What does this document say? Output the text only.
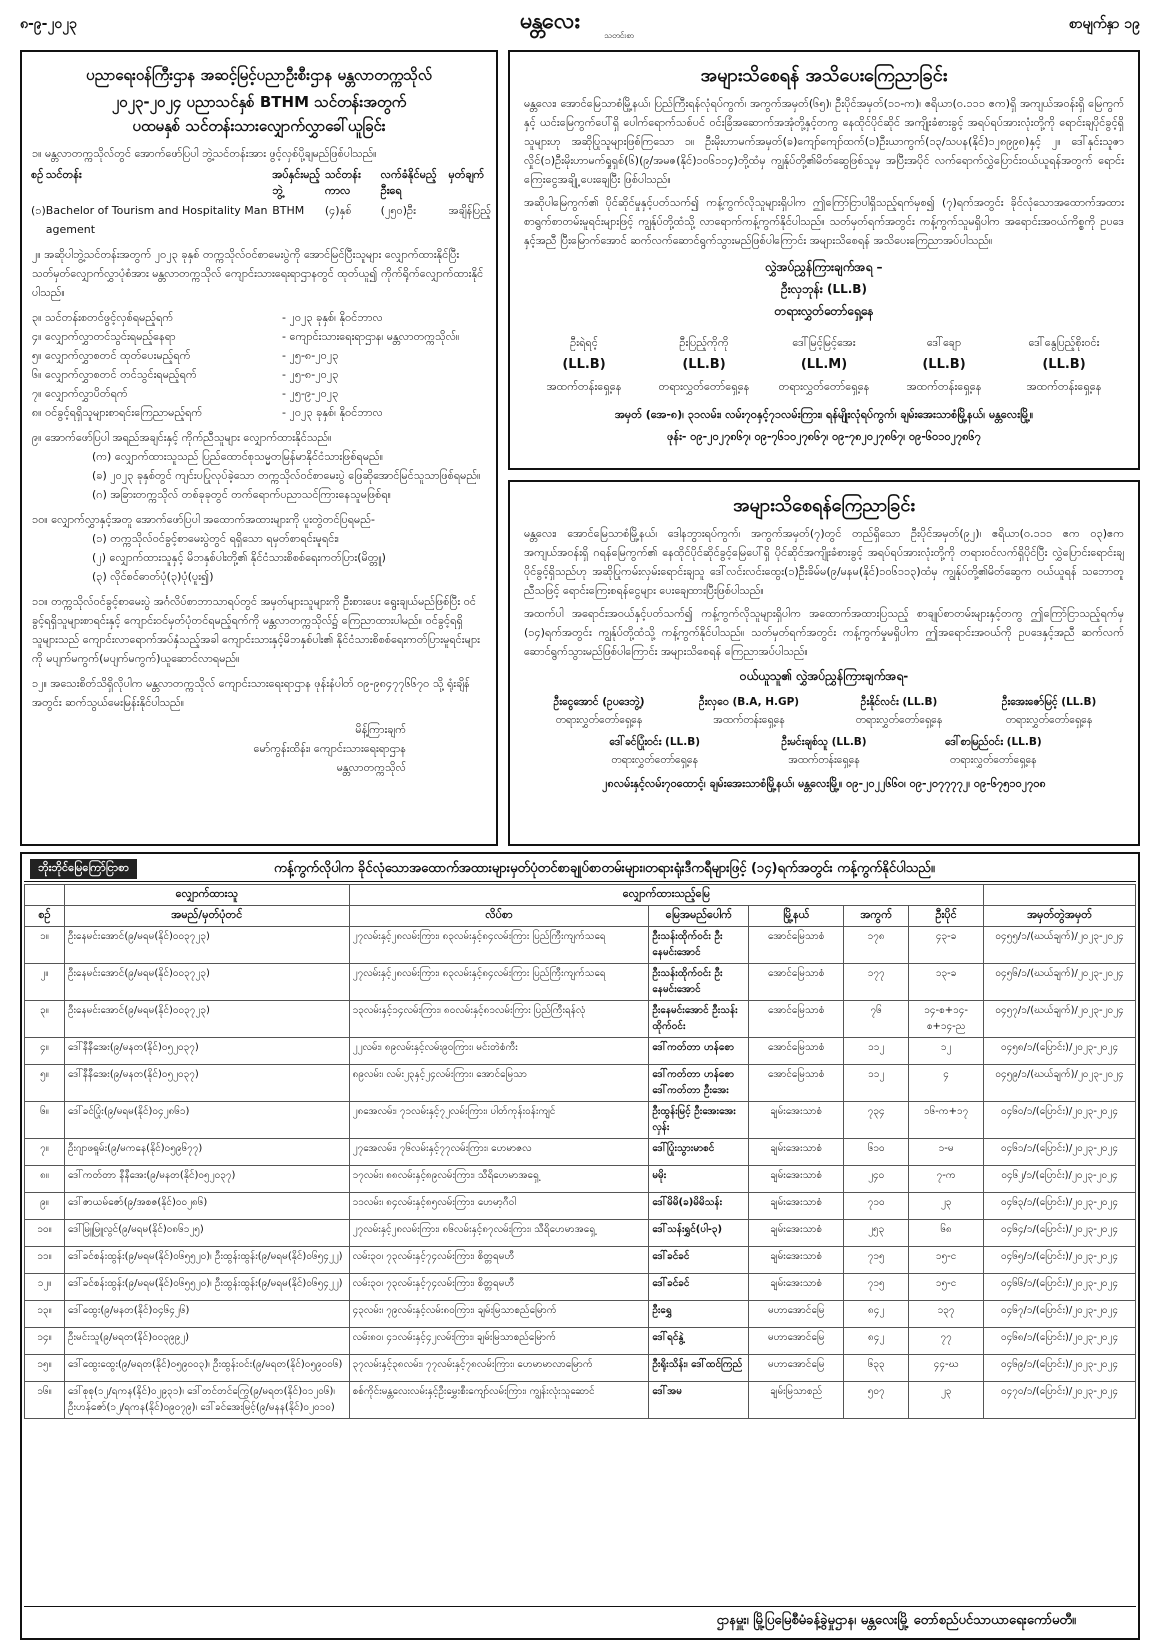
၈-၉-၂၀၂၃	မန္တလေး
သတင်းစာ
စာမျက်နှာ ၁၉
ပညာရေးဝန်ကြီးဌာန အဆင့်မြင့်ပညာဦးစီးဌာန မန္တလာတက္ကသိုလ်
၂၀၂၃-၂၀၂၄ ပညာသင်နှစ် BTHM သင်တန်းအတွက်
ပထမနှစ် သင်တန်းသားလျှောက်လွှာခေါ်ယူခြင်း
၁။ မန္တလာတက္ကသိုလ်တွင် အောက်ဖော်ပြပါ ဘွဲ့သင်တန်းအား ဖွင့်လှစ်ပို့ချမည်ဖြစ်ပါသည်။
စဉ်	သင်တန်း	အပ်နှင်းမည့်ဘွဲ့	သင်တန်းကာလ	လက်ခံနိုင်မည့်ဦးရေ	မှတ်ချက်
(၁)	Bachelor of Tourism and Hospitality Man agement	BTHM	(၄)နှစ်	(၂၅၀)ဦး	အချိန်ပြည့်
၂။ အဆိုပါဘွဲ့သင်တန်းအတွက် ၂၀၂၃ ခုနှစ် တက္ကသိုလ်ဝင်စာမေးပွဲကို အောင်မြင်ပြီးသူများ လျှောက်ထားနိုင်ပြီး သတ်မှတ်လျှောက်လွှာပုံစံအား မန္တလာတက္ကသိုလ် ကျောင်းသားရေးရာဌာနတွင် ထုတ်ယူ၍ ကိုက်ရိုက်လျှောက်ထားနိုင်ပါသည်။
၃။ သင်တန်းစတင်ဖွင့်လှစ်ရမည့်ရက်	- ၂၀၂၃ ခုနှစ်၊ နိုဝင်ဘာလ
၄။ လျှောက်လွှာတင်သွင်းရမည့်နေရာ	- ကျောင်းသားရေးရာဌာန၊ မန္တလာတက္ကသိုလ်။
၅။ လျှောက်လွှာစတင် ထုတ်ပေးမည့်ရက်	- ၂၅-၈-၂၀၂၃
၆။ လျှောက်လွှာစတင် တင်သွင်းရမည့်ရက်	- ၂၅-၈-၂၀၂၃
၇။ လျှောက်လွှာပိတ်ရက်	- ၂၅-၉-၂၀၂၃
၈။ ဝင်ခွင့်ရရှိသူများစာရင်းကြေညာမည့်ရက်	- ၂၀၂၃ ခုနှစ်၊ နိုဝင်ဘာလ
၉။ အောက်ဖော်ပြပါ အရည်အချင်းနှင့် ကိုက်ညီသူများ လျှောက်ထားနိုင်သည်။
(က) လျှောက်ထားသူသည် ပြည်ထောင်စုသမ္မတမြန်မာနိုင်ငံသားဖြစ်ရမည်။
(ခ) ၂၀၂၃ ခုနှစ်တွင် ကျင်းပပြုလုပ်ခဲ့သော တက္ကသိုလ်ဝင်စာမေးပွဲ ဖြေဆိုအောင်မြင်သူသာဖြစ်ရမည်။
(ဂ) အခြားတက္ကသိုလ် တစ်ခုခုတွင် တက်ရောက်ပညာသင်ကြားနေသူမဖြစ်ရ။
၁၀။ လျှောက်လွှာနှင့်အတူ အောက်ဖော်ပြပါ အထောက်အထားများကို ပူးတွဲတင်ပြရမည်-
(၁) တက္ကသိုလ်ဝင်ခွင့်စာမေးပွဲတွင် ရရှိသော ရမှတ်စာရင်းမူရင်း၊
(၂) လျှောက်ထားသူနှင့် မိဘနှစ်ပါးတို့၏ နိုင်ငံသားစိစစ်ရေးကတ်ပြား(မိတ္တူ)
(၃) လိုင်စင်ဓာတ်ပုံ(၃)ပုံ(ပူး၍)
၁၁။ တက္ကသိုလ်ဝင်ခွင့်စာမေးပွဲ အင်္ဂလိပ်စာဘာသာရပ်တွင် အမှတ်များသူများကို ဦးစားပေး ရွေးချယ်မည်ဖြစ်ပြီး ဝင်ခွင့်ရရှိသူများစာရင်းနှင့် ကျောင်းဝင်မှတ်ပုံတင်ရမည့်ရက်ကို မန္တလာတက္ကသိုလ်၌ ကြေညာထားပါမည်။ ဝင်ခွင့်ရရှိသူများသည် ကျောင်းလာရောက်အပ်နှံသည့်အခါ ကျောင်းသားနှင့်မိဘနှစ်ပါး၏ နိုင်ငံသားစိစစ်ရေးကတ်ပြားမူရင်းများကို မပျက်မကွက်(မပျက်မကွက်)ယူဆောင်လာရမည်။
၁၂။ အသေးစိတ်သိရှိလိုပါက မန္တလာတက္ကသိုလ် ကျောင်းသားရေးရာဌာန ဖုန်းနံပါတ် ၀၉-၉၈၄၇၇၆၆၇၀ သို့ ရုံးချိန်အတွင်း ဆက်သွယ်မေးမြန်းနိုင်ပါသည်။
မိန့်ကြားချက်
မော်ကွန်းထိန်း၊ ကျောင်းသားရေးရာဌာန
မန္တလာတက္ကသိုလ်
အများသိစေရန် အသိပေးကြေညာခြင်း
မန္တလေး၊ အောင်မြေသာစံမြို့နယ်၊ ပြည်ကြီးရန်လုံရပ်ကွက်၊ အကွက်အမှတ်(၆၅)၊ ဦးပိုင်အမှတ်(၁၁-က)၊ ဧရိယာ(၀.၁၁၁ ဧက)ရှိ အကျယ်အဝန်းရှိ မြေကွက်နှင့် ယင်းမြေကွက်ပေါ်ရှိ ပေါက်ရောက်သစ်ပင် ဝင်းခြံအဆောက်အအုံတို့နှင့်တကွ နေထိုင်ပိုင်ဆိုင် အကျိုးခံစားခွင့် အရပ်ရပ်အားလုံးတို့ကို ရောင်းချပိုင်ခွင့်ရှိသူများဟု အဆိုပြုသူများဖြစ်ကြသော ၁။ ဦးမိုးဟာမက်အမှတ်(ခ)ကျော်ကျော်ထက်(၁)ဦးယာကွက်(၁၃/သပန(နိုင်)၁၂၈၉၉၈)နှင့် ၂။ ဒေါ်နှင်းသူဇာလှိုင်(၁)ဦးမိုးဟာမက်ရှုရှစ်(၆)(၉/အမဇ(နိုင်)၁၀၆၁၁၄)တို့ထံမှ ကျွန်ုပ်တို့၏မိတ်ဆွေဖြစ်သူမှ အပြီးအပိုင် လက်ရောက်လွှဲပြောင်းဝယ်ယူရန်အတွက် ရောင်းကြေးငွေအချို့ ပေးချေပြီး ဖြစ်ပါသည်။
အဆိုပါမြေကွက်၏ ပိုင်ဆိုင်မှုနှင့်ပတ်သက်၍ ကန့်ကွက်လိုသူများရှိပါက ဤကြော်ငြာပါရှိသည့်ရက်မှစ၍ (၇)ရက်အတွင်း ခိုင်လုံသောအထောက်အထားစာရွက်စာတမ်းမူရင်းများဖြင့် ကျွန်ုပ်တို့ထံသို့ လာရောက်ကန့်ကွက်နိုင်ပါသည်။ သတ်မှတ်ရက်အတွင်း ကန့်ကွက်သူမရှိပါက အရောင်းအဝယ်ကိစ္စကို ဥပဒေနှင့်အညီ ပြီးမြောက်အောင် ဆက်လက်ဆောင်ရွက်သွားမည်ဖြစ်ပါကြောင်း အများသိစေရန် အသိပေးကြေညာအပ်ပါသည်။
လွှဲအပ်ညွှန်ကြားချက်အရ –
ဦးလှဘုန်း (LL.B)
တရားလွှတ်တော်ရှေ့နေ
ဦးရဲရင့်
(LL.B)
အထက်တန်းရှေ့နေ
ဦးပြည့်ကိုကို
(LL.B)
တရားလွှတ်တော်ရှေ့နေ
ဒေါ်မြင့်မြင့်အေး
(LL.M)
တရားလွှတ်တော်ရှေ့နေ
ဒေါ်ချော
(LL.B)
အထက်တန်းရှေ့နေ
ဒေါ်နွေပြည့်စိုးဝင်း
(LL.B)
အထက်တန်းရှေ့နေ
အမှတ် (အေ-၈)၊ ၃၁လမ်း၊ လမ်း၇၀နှင့်၇၁လမ်းကြား၊ ရန်မျိုးလုံရပ်ကွက်၊ ချမ်းအေးသာစံမြို့နယ်၊ မန္တလေးမြို့။
ဖုန်း- ၀၉-၂၀၂၇၈၆၇၊ ၀၉-၇၆၁၀၂၇၈၆၇၊ ၀၉-၇၈၂၀၂၇၈၆၇၊ ၀၉-၆၀၁၀၂၇၈၆၇
အများသိစေရန်ကြေညာခြင်း
မန္တလေး၊ အောင်မြေသာစံမြို့နယ်၊ ဒေါနဘွားရပ်ကွက်၊ အကွက်အမှတ်(၇)တွင် တည်ရှိသော ဦးပိုင်အမှတ်(၉၂)၊ ဧရိယာ(၀.၁၁၁ ဧက ၀၃)ဧက အကျယ်အဝန်းရှိ ဂရန်မြေကွက်၏ နေထိုင်ပိုင်ဆိုင်ခွင့်မြေပေါ်ရှိ ပိုင်ဆိုင်အကျိုးခံစားခွင့် အရပ်ရပ်အားလုံးတို့ကို တရားဝင်လက်ရှိပိုင်ပြီး လွှဲပြောင်းရောင်းချပိုင်ခွင့်ရှိသည်ဟု အဆိုပြုကမ်းလှမ်းရောင်းချသူ ဒေါ်လင်းလင်းထွေး(၁)ဦးခိမ်မ(၉/မနမ(နိုင်)၁၀၆၁၁၃)ထံမှ ကျွန်ုပ်တို့၏မိတ်ဆွေက ဝယ်ယူရန် သဘောတူညီသဖြင့် ရောင်းကြေးစရန်ငွေများ ပေးချေထားပြီးဖြစ်ပါသည်။
အထက်ပါ အရောင်းအဝယ်နှင့်ပတ်သက်၍ ကန့်ကွက်လိုသူများရှိပါက အထောက်အထားပြသည့် စာချုပ်စာတမ်းများနှင့်တကွ ဤကြော်ငြာသည့်ရက်မှ (၁၄)ရက်အတွင်း ကျွန်ုပ်တို့ထံသို့ ကန့်ကွက်နိုင်ပါသည်။ သတ်မှတ်ရက်အတွင်း ကန့်ကွက်မှုမရှိပါက ဤအရောင်းအဝယ်ကို ဥပဒေနှင့်အညီ ဆက်လက်ဆောင်ရွက်သွားမည်ဖြစ်ပါကြောင်း အများသိစေရန် ကြေညာအပ်ပါသည်။
ဝယ်ယူသူ၏ လွှဲအပ်ညွှန်ကြားချက်အရ-
ဦးငွေအောင် (ဥပဒေဘွဲ့)
တရားလွှတ်တော်ရှေ့နေ
ဦးလှဝေ (B.A, H.GP)
အထက်တန်းရှေ့နေ
ဦးနိုင်လင်း (LL.B)
တရားလွှတ်တော်ရှေ့နေ
ဦးအေးဇော်မြင့် (LL.B)
တရားလွှတ်တော်ရှေ့နေ
ဒေါ်ခင်ပြုံးဝင်း (LL.B)
တရားလွှတ်တော်ရှေ့နေ
ဦးမင်းချစ်သူ (LL.B)
အထက်တန်းရှေ့နေ
ဒေါ်စာမြည်ဝင်း (LL.B)
တရားလွှတ်တော်ရှေ့နေ
၂၈လမ်းနှင့်လမ်း၇၀ထောင့်၊ ချမ်းအေးသာစံမြို့နယ်၊ မန္တလေးမြို့။ ၀၉-၂၀၂၂၆၆၀၊ ၀၉-၂၀၇၇၇၇၂၊ ၀၉-၆၇၅၁၀၂၇၀၈
ဘိုးဘိုင်မြေကြော်ငြာစာ	ကန့်ကွက်လိုပါက ခိုင်လုံသောအထောက်အထားများမှတ်ပုံတင်စာချုပ်စာတမ်းများ၊တရားရုံးဒီကရီများဖြင့် (၁၄)ရက်အတွင်း ကန့်ကွက်နိုင်ပါသည်။
	လျှောက်ထားသူ	လျှောက်ထားသည့်မြေ					
စဉ်	အမည်/မှတ်ပုံတင်	လိပ်စာ	မြေအမည်ပေါက်	မြို့နယ်	အကွက်	ဦးပိုင်	အမှတ်တွဲအမှတ်
၁။	ဦးနေမင်းအောင်(၉/မရမ(နိုင်)၀၀၃၇၂၃)	၂၇လမ်းနှင့်၂၈လမ်းကြား၊ ၈၃လမ်းနှင့်၈၄လမ်းကြား ပြည်ကြီးကျက်သရေ	ဦးသန်းထိုက်ဝင်း ဦးနေမင်းအောင်	အောင်မြေသာစံ	၁၇၈	၄၃-ခ	၀၄၅၅/၁/(ဃယ်ချက်)/၂၀၂၃-၂၀၂၄
၂။	ဦးနေမင်းအောင်(၉/မရမ(နိုင်)၀၀၃၇၂၃)	၂၇လမ်းနှင့်၂၈လမ်းကြား၊ ၈၃လမ်းနှင့်၈၄လမ်းကြား ပြည်ကြီးကျက်သရေ	ဦးသန်းထိုက်ဝင်း ဦးနေမင်းအောင်	အောင်မြေသာစံ	၁၇၇	၁၃-ခ	၀၄၅၆/၁/(ဃယ်ချက်)/၂၀၂၃-၂၀၂၄
၃။	ဦးနေမင်းအောင်(၉/မရမ(နိုင်)၀၀၃၇၂၃)	၁၃လမ်းနှင့်၁၄လမ်းကြား၊ ၈၀လမ်းနှင့်၈၁လမ်းကြား ပြည်ကြီးရန်လုံ	ဦးနေမင်းအောင် ဦးသန်းထိုက်ဝင်း	အောင်မြေသာစံ	၇၆	၁၄-စ+၁၄-စ+၁၄-ည	၀၄၅၇/၁/(ဃယ်ချက်)/၂၀၂၃-၂၀၂၄
၄။	ဒေါ်နီနီအေး(၉/မနတ(နိုင်)၀၅၂၀၃၇)	၂၂လမ်း၊ ၈၉လမ်းနှင့်လမ်း၉၀ကြား၊ မင်းတဲစံကီး	ဒေါ်ကတ်တာ ဟန်စော	အောင်မြေသာစံ	၁၁၂	၁၂	၀၄၅၈/၁/(ပြောင်း)/၂၀၂၃-၂၀၂၄
၅။	ဒေါ်နီနီအေး(၉/မနတ(နိုင်)၀၅၂၀၃၇)	၈၉လမ်း၊ လမ်း၂၃နှင့်၂၄လမ်းကြား၊ အောင်မြေသာ	ဒေါ်ကတ်တာ ဟန်စော ဒေါ်ကတ်တာ ဦးအေး	အောင်မြေသာစံ	၁၁၂	၄	၀၄၅၉/၁/(ဃယ်ချက်)/၂၀၂၃-၂၀၂၄
၆။	ဒေါ်ခင်ပြုံး(၉/မရမ(နိုင်)၀၄၂၈၆၁)	၂၈အေလမ်း၊ ၇၁လမ်းနှင့်၇၂လမ်းကြား၊ ပါတ်ကုန်းဝန်းကျင်	ဦးထွန်းမြင့် ဦးအေးအေးလှန်း	ချမ်းအေးသာစံ	၇၃၄	၁၆-က+၁၇	၀၄၆၀/၁/(ပြောင်း)/၂၀၂၃-၂၀၂၄
၇။	ဦးဂျာဖရူမ်း(၉/မကနေ(နိုင်)၀၅၉၆၇၇)	၂၇အေလမ်း၊ ၇၆လမ်းနှင့်၇၇လမ်းကြား၊ ဟေမာဇလ	ဒေါ်ပြုံးသွားမာစင်	ချမ်းအေးသာစံ	၆၁၀	၁-မ	၀၄၆၁/၁/(ပြောင်း)/၂၀၂၃-၂၀၂၄
၈။	ဒေါ်ကတ်တာ နီနီအေး(၉/မနတ(နိုင်)၀၅၂၀၃၇)	၁၇လမ်း၊ ၈၈လမ်းနှင့်၈၉လမ်းကြား၊ သီရိဟေမာအရှေ့	မမိုး	ချမ်းအေးသာစံ	၂၄၀	၇-က	၀၄၆၂/၁/(ပြောင်း)/၂၀၂၃-၂၀၂၄
၉။	ဒေါ်ဇာယမ်ဇော်(၉/အစဇ(နိုင်)၀၀၂၈၆)	၁၁လမ်း၊ ၈၄လမ်းနှင့်၈၅လမ်းကြား၊ ဟေမာ့ဂီဝါ	ဒေါ်မိမိ(ခ)မိမိသန်း	ချမ်းအေးသာစံ	၇၁၀	၂၃	၀၄၆၃/၁/(ပြောင်း)/၂၀၂၃-၂၀၂၄
၁၀။	ဒေါ်မြူမြူလွင်(၉/မရမ(နိုင်)၀၈၆၁၂၅)	၂၇လမ်းနှင့်၂၈လမ်းကြား၊ ၈၆လမ်းနှင့်၈၇လမ်းကြား၊ သီရိဟေမာအရှေ့	ဒေါ်သန်းရွှင်(ပါ-၃)	ချမ်းအေးသာစံ	၂၅၃	၆၈	၀၄၆၄/၁/(ပြောင်း)/၂၀၂၃-၂၀၂၄
၁၁။	ဒေါ်ခင်စန်းထွန်း(၉/မရမ(နိုင်)၀၆၅၅၂၀)၊ ဦးထွန်းထွန်း(၉/မရမ(နိုင်)၀၆၅၄၂၂)	လမ်း၃၀၊ ၇၃လမ်းနှင့်၇၄လမ်းကြား၊ စိတ္တရမဟီ	ဒေါ်ခင်ခင်	ချမ်းအေးသာစံ	၇၁၅	၁၅-င	၀၄၆၅/၁/(ပြောင်း)/၂၀၂၃-၂၀၂၄
၁၂။	ဒေါ်ခင်စန်းထွန်း(၉/မရမ(နိုင်)၀၆၅၅၂၀)၊ ဦးထွန်းထွန်း(၉/မရမ(နိုင်)၀၆၅၄၂၂)	လမ်း၃၀၊ ၇၃လမ်းနှင့်၇၄လမ်းကြား၊ စိတ္တရမဟီ	ဒေါ်ခင်ခင်	ချမ်းအေးသာစံ	၇၁၅	၁၅-င	၀၄၆၆/၁/(ပြောင်း)/၂၀၂၃-၂၀၂၄
၁၃။	ဒေါ်ထွေး(၉/မနတ(နိုင်)၀၄၆၄၂၆)	၄၃လမ်း၊ ၇၉လမ်းနှင့်လမ်း၈၀ကြား၊ ချမ်းမြသာစည်မြောက်	ဦးရွှေ	မဟာအောင်မြေ	၈၄၂	၁၃၇	၀၄၆၇/၁/(ပြောင်း)/၂၀၂၃-၂၀၂၄
၁၄။	ဦးမင်းသူ(၉/မရတ(နိုင်)၀၀၃၉၉၂)	လမ်း၈၀၊ ၄၁လမ်းနှင့်၄၂လမ်းကြား၊ ချမ်းမြသာစည်မြောက်	ဒေါ်ရင်နွဲ့	မဟာအောင်မြေ	၈၄၂	၇၇	၀၄၆၈/၁/(ပြောင်း)/၂၀၂၃-၂၀၂၄
၁၅။	ဒေါ်ထွေးထွေး(၉/မရတ(နိုင်)၀၅၉၀၀၃)၊ ဦးထွန်းဝင်း(၉/မရတ(နိုင်)၀၅၉၀၀၆)	၃၇လမ်းနှင့်၃၈လမ်း၊ ၇၇လမ်းနှင့်၇၈လမ်းကြား၊ ဟေမာမာလာမြောက်	ဦးရိုးသိန်း၊ ဒေါ်ထင်ကြည်	မဟာအောင်မြေ	၆၃၃	၄၄-ဃ	၀၄၆၉/၁/(ပြောင်း)/၂၀၂၃-၂၀၂၄
၁၆။	ဒေါ်စုစု(၁၂/ရကန(နိုင်)၀၂၉၃၁)၊ ဒေါ်တင်တင်ကြွေ(၉/မရတ(နိုင်)၀၁၂၀၆)၊ ဦးဟန်ဇော်(၁၂/ရကန(နိုင်)၀၉၀၇၉)၊ ဒေါ်ခင်အေးမြင့်(၉/မနန(နိုင်)၀၂၀၁၀)	စစ်ကိုင်းမန္တလေးလမ်းနှင့်ဦးမွှေးစီးကျော်လမ်းကြား၊ ကျွန်းလုံးသူဆောင်	ဒေါ်အမ	ချမ်းမြသာစည်	၅၀၇	၂၃	၀၄၇၀/၁/(ပြောင်း)/၂၀၂၃-၂၀၂၄
ဌာနမှူး၊ မြို့ပြမြေစီမံခန့်ခွဲမှုဌာန၊ မန္တလေးမြို့ တော်စည်ပင်သာယာရေးကော်မတီ။
